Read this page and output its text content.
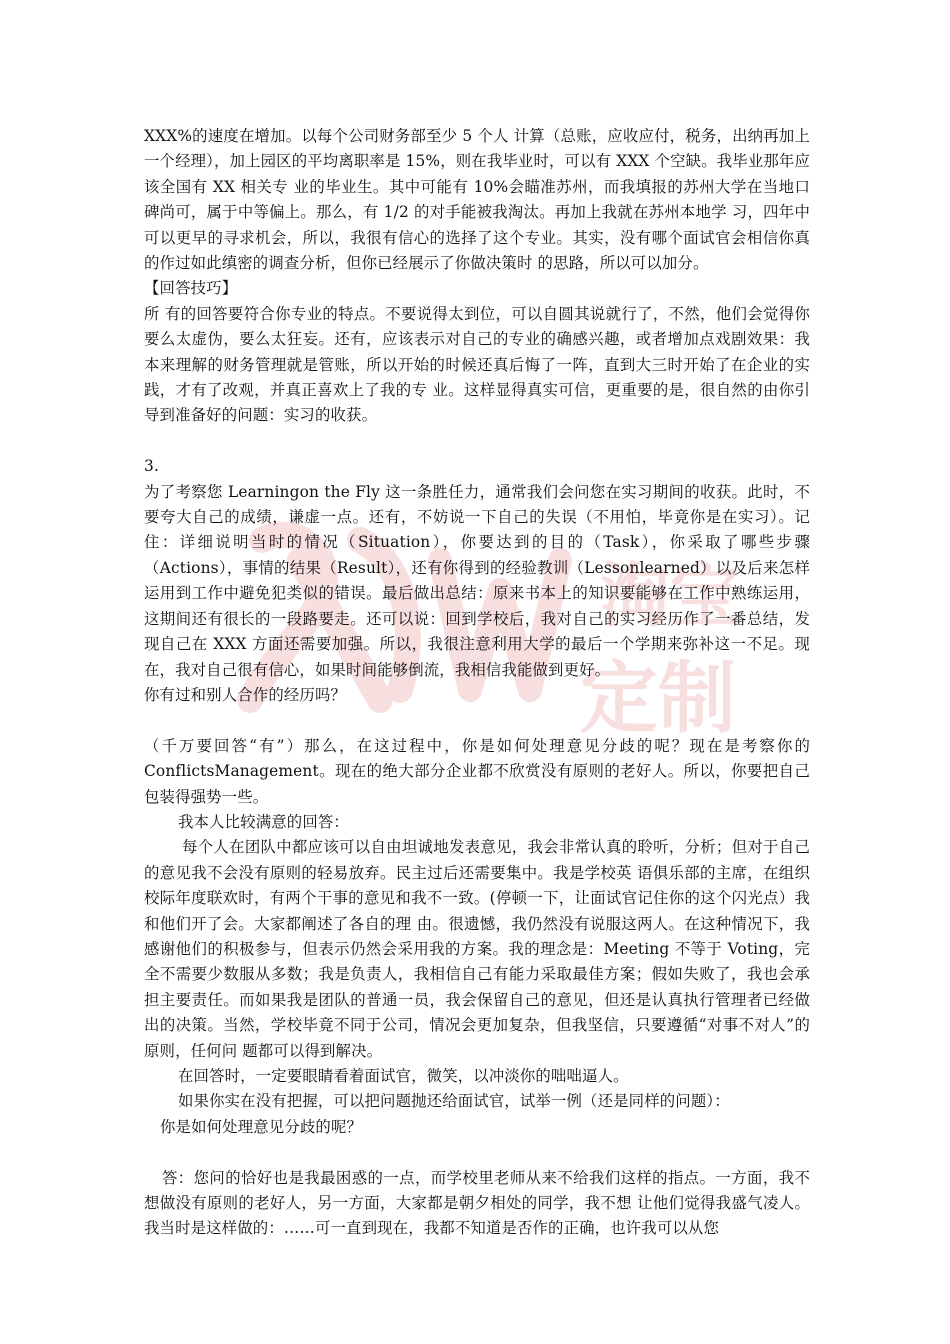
淘宝
定制

XXX%的速度在增加。以每个公司财务部至少 5 个人 计算（总账，应收应付，税务，出纳再加上一个经理），加上园区的平均离职率是 15%，则在我毕业时，可以有 XXX 个空缺。我毕业那年应该全国有 XX 相关专 业的毕业生。其中可能有 10%会瞄准苏州，而我填报的苏州大学在当地口碑尚可，属于中等偏上。那么，有 1/2 的对手能被我淘汰。再加上我就在苏州本地学 习，四年中可以更早的寻求机会，所以，我很有信心的选择了这个专业。其实，没有哪个面试官会相信你真的作过如此缜密的调查分析，但你已经展示了你做决策时 的思路，所以可以加分。

【回答技巧】

所 有的回答要符合你专业的特点。不要说得太到位，可以自圆其说就行了，不然，他们会觉得你要么太虚伪，要么太狂妄。还有，应该表示对自己的专业的确感兴趣，或者增加点戏剧效果：我本来理解的财务管理就是管账，所以开始的时候还真后悔了一阵，直到大三时开始了在企业的实践，才有了改观，并真正喜欢上了我的专 业。这样显得真实可信，更重要的是，很自然的由你引导到准备好的问题：实习的收获。

3.

为了考察您 Learningon the Fly 这一条胜任力，通常我们会问您在实习期间的收获。此时，不要夸大自己的成绩，谦虚一点。还有，不妨说一下自己的失误（不用怕，毕竟你是在实习）。记住：详细说明当时的情况（Situation），你要达到的目的（Task），你采取了哪些步骤（Actions），事情的结果（Result），还有你得到的经验教训（Lessonlearned）以及后来怎样运用到工作中避免犯类似的错误。最后做出总结：原来书本上的知识要能够在工作中熟练运用，这期间还有很长的一段路要走。还可以说：回到学校后，我对自己的实习经历作了一番总结，发现自己在 XXX 方面还需要加强。所以，我很注意利用大学的最后一个学期来弥补这一不足。现在，我对自己很有信心，如果时间能够倒流，我相信我能做到更好。

你有过和别人合作的经历吗？

（千万要回答“有”）那么，在这过程中，你是如何处理意见分歧的呢？现在是考察你的 ConflictsManagement。现在的绝大部分企业都不欣赏没有原则的老好人。所以，你要把自己包装得强势一些。

我本人比较满意的回答：

每个人在团队中都应该可以自由坦诚地发表意见，我会非常认真的聆听，分析；但对于自己的意见我不会没有原则的轻易放弃。民主过后还需要集中。我是学校英 语俱乐部的主席，在组织校际年度联欢时，有两个干事的意见和我不一致。(停顿一下，让面试官记住你的这个闪光点）我和他们开了会。大家都阐述了各自的理 由。很遗憾，我仍然没有说服这两人。在这种情况下，我感谢他们的积极参与，但表示仍然会采用我的方案。我的理念是：Meeting 不等于 Voting，完全不需要少数服从多数；我是负责人，我相信自己有能力采取最佳方案；假如失败了，我也会承担主要责任。而如果我是团队的普通一员，我会保留自己的意见，但还是认真执行管理者已经做出的决策。当然，学校毕竟不同于公司，情况会更加复杂，但我坚信，只要遵循“对事不对人”的原则，任何问 题都可以得到解决。

在回答时，一定要眼睛看着面试官，微笑，以冲淡你的咄咄逼人。

如果你实在没有把握，可以把问题抛还给面试官，试举一例（还是同样的问题）：

你是如何处理意见分歧的呢？

答：您问的恰好也是我最困惑的一点，而学校里老师从来不给我们这样的指点。一方面，我不想做没有原则的老好人，另一方面，大家都是朝夕相处的同学，我不想 让他们觉得我盛气凌人。我当时是这样做的：……可一直到现在，我都不知道是否作的正确，也许我可以从您
